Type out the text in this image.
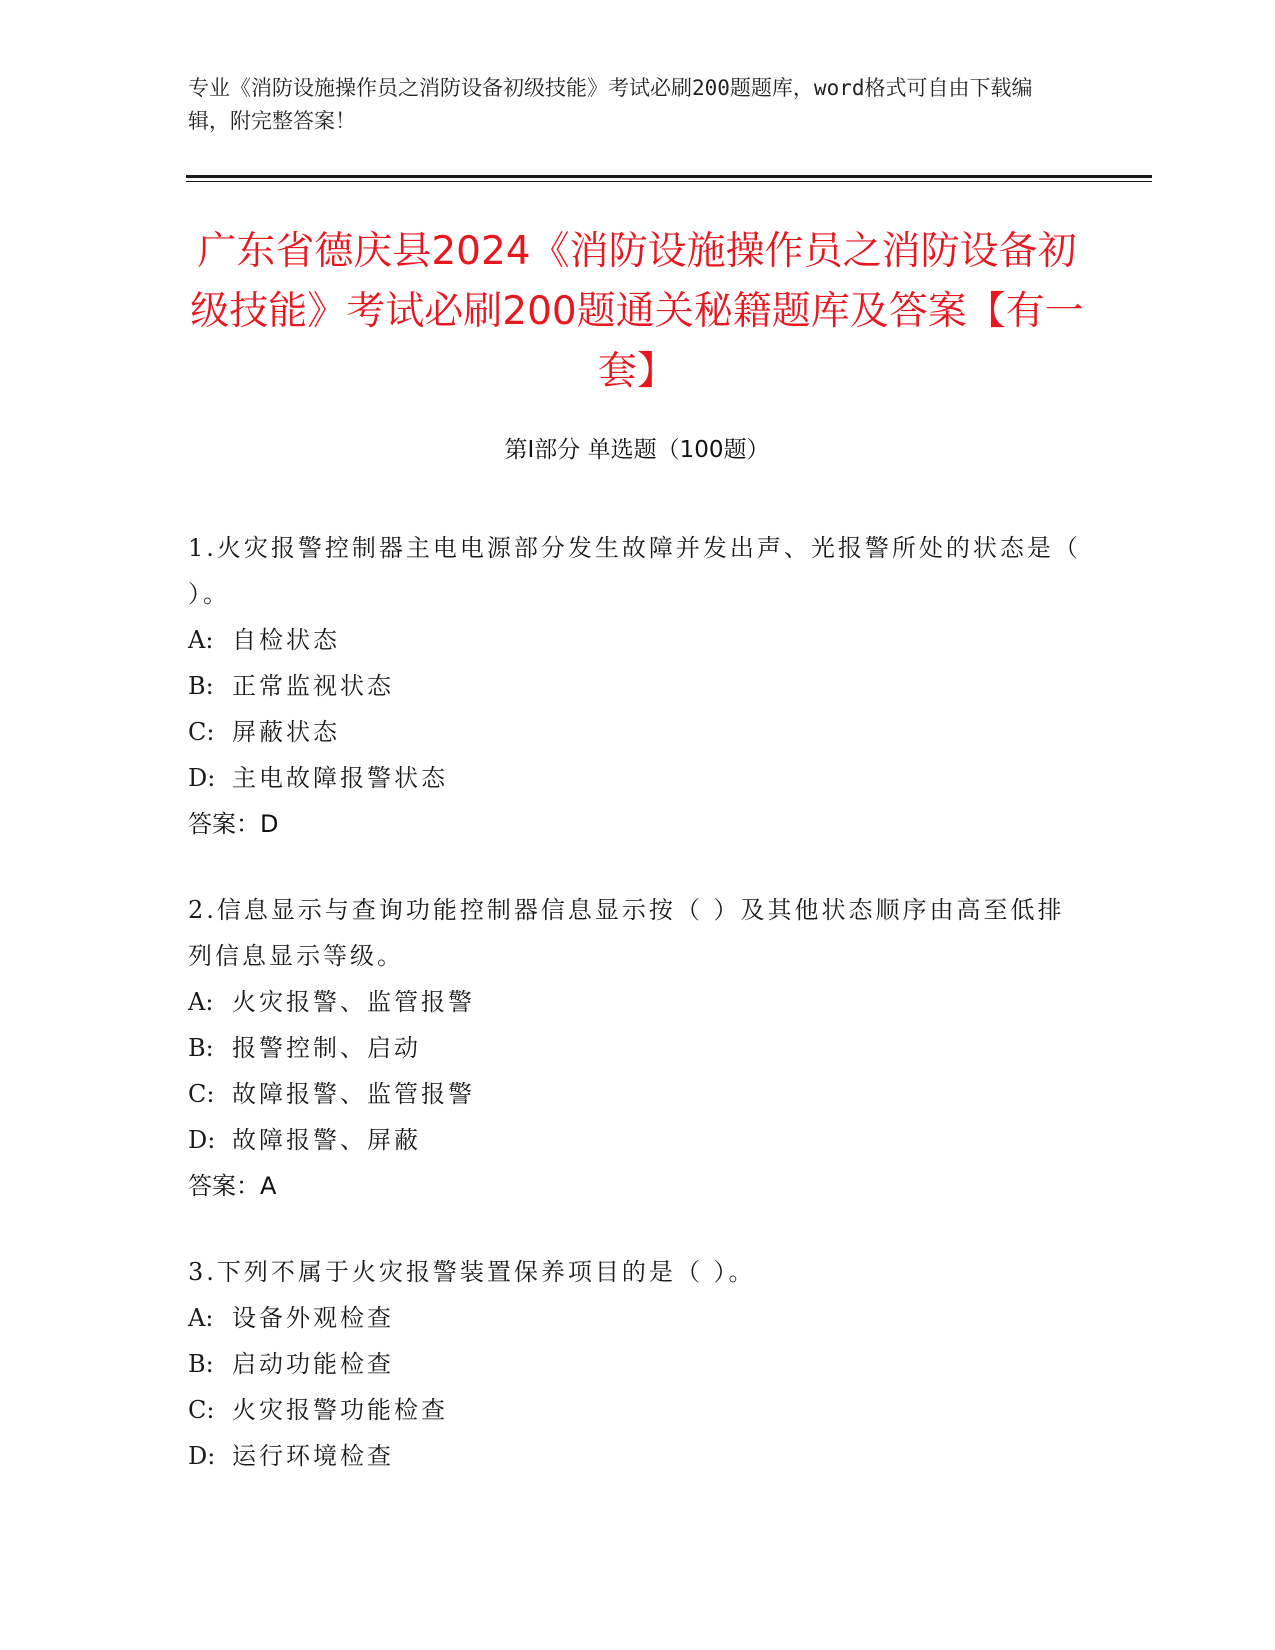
专业《消防设施操作员之消防设备初级技能》考试必刷200题题库，word格式可自由下载编辑，附完整答案！
广东省德庆县2024《消防设施操作员之消防设备初级技能》考试必刷200题通关秘籍题库及答案【有一套】
第I部分 单选题（100题）

1.火灾报警控制器主电电源部分发生故障并发出声、光报警所处的状态是（ ）。

A: 自检状态

B: 正常监视状态

C: 屏蔽状态

D: 主电故障报警状态

答案：D

2.信息显示与查询功能控制器信息显示按（ ）及其他状态顺序由高至低排列信息显示等级。

A: 火灾报警、监管报警

B: 报警控制、启动

C: 故障报警、监管报警

D: 故障报警、屏蔽

答案：A

3.下列不属于火灾报警装置保养项目的是（ ）。

A: 设备外观检查

B: 启动功能检查

C: 火灾报警功能检查

D: 运行环境检查
